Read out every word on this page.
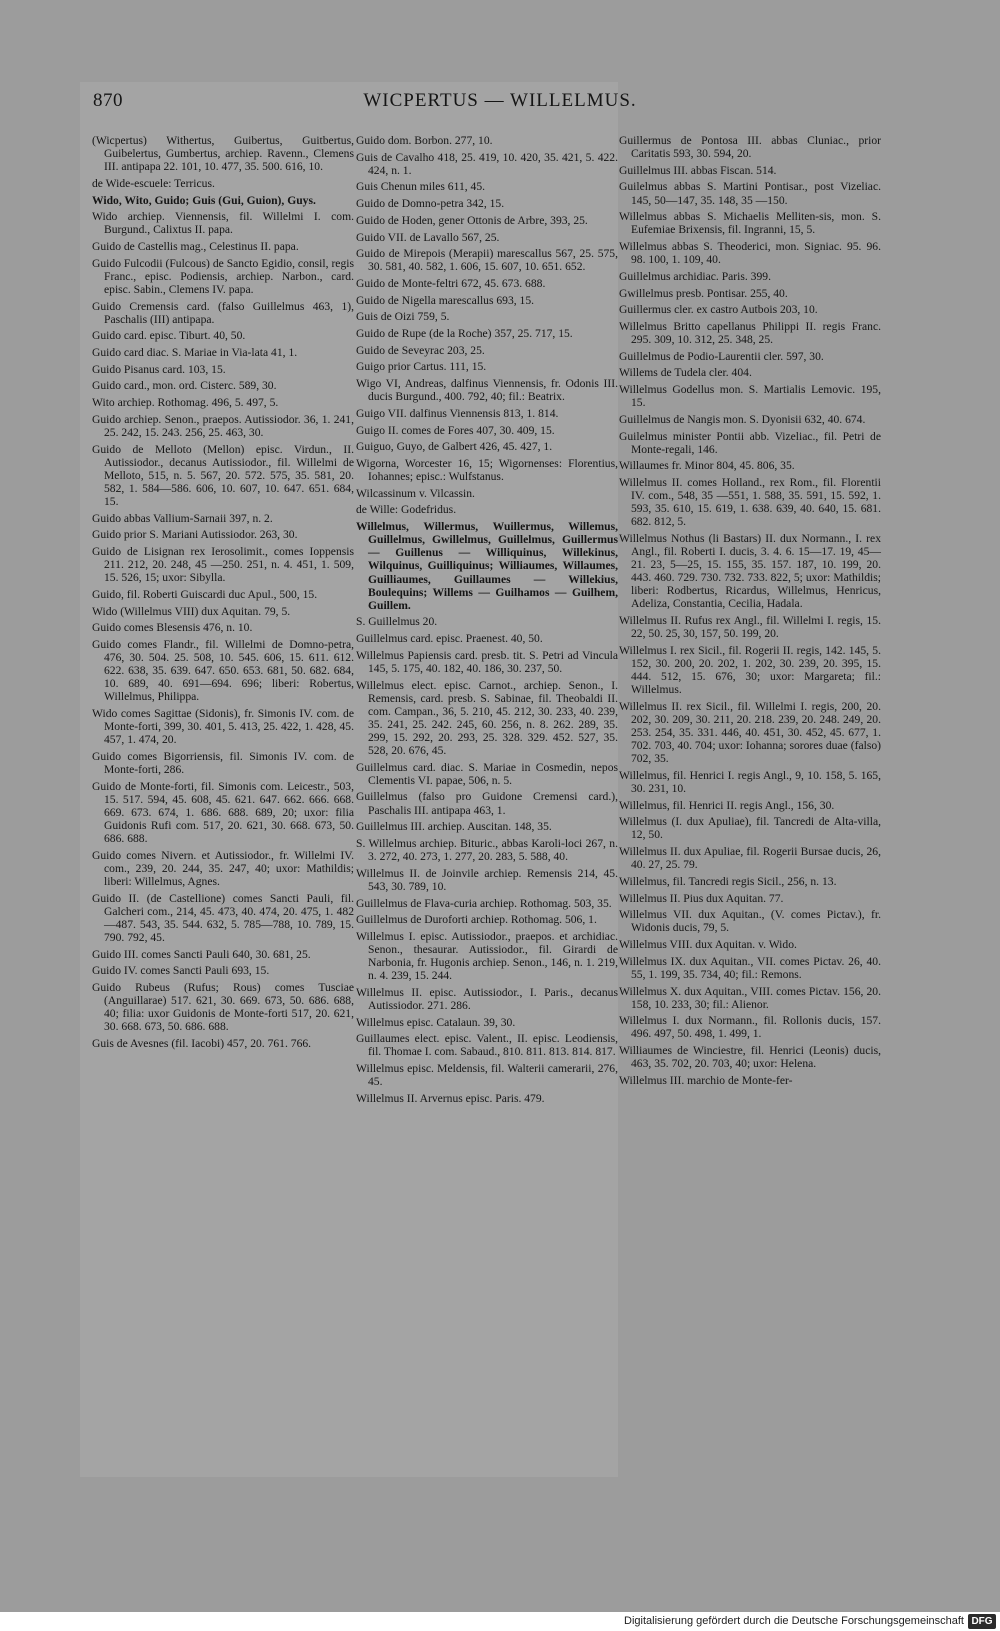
870	WICPERTUS — WILLELMUS.

(Wicpertus) Withertus, Guibertus, Guitbertus, Guibelertus, Gumbertus, archiep. Ravenn., Clemens III. antipapa 22. 101, 10. 477, 35. 500. 616, 10.

de Wide-escuele: Terricus.

Wido, Wito, Guido; Guis (Gui, Guion), Guys.

Wido archiep. Viennensis, fil. Willelmi I. com. Burgund., Calixtus II. papa.

Guido de Castellis mag., Celestinus II. papa.

Guido Fulcodii (Fulcous) de Sancto Egidio, consil, regis Franc., episc. Podiensis, archiep. Narbon., card. episc. Sabin., Clemens IV. papa.

Guido Cremensis card. (falso Guillelmus 463, 1), Paschalis (III) antipapa.

Guido card. episc. Tiburt. 40, 50.

Guido card diac. S. Mariae in Via-lata 41, 1.

Guido Pisanus card. 103, 15.

Guido card., mon. ord. Cisterc. 589, 30.

Wito archiep. Rothomag. 496, 5. 497, 5.

Guido archiep. Senon., praepos. Autissiodor. 36, 1. 241, 25. 242, 15. 243. 256, 25. 463, 30.

Guido de Melloto (Mellon) episc. Virdun., II. Autissiodor., decanus Autissiodor., fil. Willelmi de Melloto, 515, n. 5. 567, 20. 572. 575, 35. 581, 20. 582, 1. 584—586. 606, 10. 607, 10. 647. 651. 684, 15.

Guido abbas Vallium-Sarnaii 397, n. 2.

Guido prior S. Mariani Autissiodor. 263, 30.

Guido de Lisignan rex Ierosolimit., comes Ioppensis 211. 212, 20. 248, 45 —250. 251, n. 4. 451, 1. 509, 15. 526, 15; uxor: Sibylla.

Guido, fil. Roberti Guiscardi duc Apul., 500, 15.

Wido (Willelmus VIII) dux Aquitan. 79, 5.

Guido comes Blesensis 476, n. 10.

Guido comes Flandr., fil. Willelmi de Domno-petra, 476, 30. 504. 25. 508, 10. 545. 606, 15. 611. 612. 622. 638, 35. 639. 647. 650. 653. 681, 50. 682. 684, 10. 689, 40. 691—694. 696; liberi: Robertus, Willelmus, Philippa.

Wido comes Sagittae (Sidonis), fr. Simonis IV. com. de Monte-forti, 399, 30. 401, 5. 413, 25. 422, 1. 428, 45. 457, 1. 474, 20.

Guido comes Bigorriensis, fil. Simonis IV. com. de Monte-forti, 286.

Guido de Monte-forti, fil. Simonis com. Leicestr., 503, 15. 517. 594, 45. 608, 45. 621. 647. 662. 666. 668. 669. 673. 674, 1. 686. 688. 689, 20; uxor: filia Guidonis Rufi com. 517, 20. 621, 30. 668. 673, 50. 686. 688.

Guido comes Nivern. et Autissiodor., fr. Willelmi IV. com., 239, 20. 244, 35. 247, 40; uxor: Mathildis; liberi: Willelmus, Agnes.

Guido II. (de Castellione) comes Sancti Pauli, fil. Galcheri com., 214, 45. 473, 40. 474, 20. 475, 1. 482—487. 543, 35. 544. 632, 5. 785—788, 10. 789, 15. 790. 792, 45.

Guido III. comes Sancti Pauli 640, 30. 681, 25.

Guido IV. comes Sancti Pauli 693, 15.

Guido Rubeus (Rufus; Rous) comes Tusciae (Anguillarae) 517. 621, 30. 669. 673, 50. 686. 688, 40; filia: uxor Guidonis de Monte-forti 517, 20. 621, 30. 668. 673, 50. 686. 688.

Guis de Avesnes (fil. Iacobi) 457, 20. 761. 766.

Guido dom. Borbon. 277, 10.

Guis de Cavalho 418, 25. 419, 10. 420, 35. 421, 5. 422. 424, n. 1.

Guis Chenun miles 611, 45.

Guido de Domno-petra 342, 15.

Guido de Hoden, gener Ottonis de Arbre, 393, 25.

Guido VII. de Lavallo 567, 25.

Guido de Mirepois (Merapii) marescallus 567, 25. 575, 30. 581, 40. 582, 1. 606, 15. 607, 10. 651. 652.

Guido de Monte-feltri 672, 45. 673. 688.

Guido de Nigella marescallus 693, 15.

Guis de Oizi 759, 5.

Guido de Rupe (de la Roche) 357, 25. 717, 15.

Guido de Seveyrac 203, 25.

Guigo prior Cartus. 111, 15.

Wigo VI, Andreas, dalfinus Viennensis, fr. Odonis III. ducis Burgund., 400. 792, 40; fil.: Beatrix.

Guigo VII. dalfinus Viennensis 813, 1. 814.

Guigo II. comes de Fores 407, 30. 409, 15.

Guiguo, Guyo, de Galbert 426, 45. 427, 1.

Wigorna, Worcester 16, 15; Wigornenses: Florentius, Iohannes; episc.: Wulfstanus.

Wilcassinum v. Vilcassin.

de Wille: Godefridus.

Willelmus, Willermus, Wuillermus, Willemus, Guillelmus, Gwillelmus, Guillelmus, Guillermus — Guillenus — Williquinus, Willekinus, Wilquinus, Guilliquinus; Williaumes, Willaumes, Guilliaumes, Guillaumes — Willekius, Boulequins; Willems — Guilhamos — Guilhem, Guillem.

S. Guillelmus 20.

Guillelmus card. episc. Praenest. 40, 50.

Willelmus Papiensis card. presb. tit. S. Petri ad Vincula 145, 5. 175, 40. 182, 40. 186, 30. 237, 50.

Willelmus elect. episc. Carnot., archiep. Senon., I. Remensis, card. presb. S. Sabinae, fil. Theobaldi II. com. Campan., 36, 5. 210, 45. 212, 30. 233, 40. 239, 35. 241, 25. 242. 245, 60. 256, n. 8. 262. 289, 35. 299, 15. 292, 20. 293, 25. 328. 329. 452. 527, 35. 528, 20. 676, 45.

Guillelmus card. diac. S. Mariae in Cosmedin, nepos Clementis VI. papae, 506, n. 5.

Guillelmus (falso pro Guidone Cremensi card.), Paschalis III. antipapa 463, 1.

Guillelmus III. archiep. Auscitan. 148, 35.

S. Willelmus archiep. Bituric., abbas Karoli-loci 267, n. 3. 272, 40. 273, 1. 277, 20. 283, 5. 588, 40.

Willelmus II. de Joinvile archiep. Remensis 214, 45. 543, 30. 789, 10.

Guillelmus de Flava-curia archiep. Rothomag. 503, 35.

Guillelmus de Duroforti archiep. Rothomag. 506, 1.

Willelmus I. episc. Autissiodor., praepos. et archidiac. Senon., thesaurar. Autissiodor., fil. Girardi de Narbonia, fr. Hugonis archiep. Senon., 146, n. 1. 219, n. 4. 239, 15. 244.

Willelmus II. episc. Autissiodor., I. Paris., decanus Autissiodor. 271. 286.

Willelmus episc. Catalaun. 39, 30.

Guillaumes elect. episc. Valent., II. episc. Leodiensis, fil. Thomae I. com. Sabaud., 810. 811. 813. 814. 817.

Willelmus episc. Meldensis, fil. Walterii camerarii, 276, 45.

Willelmus II. Arvernus episc. Paris. 479.

Guillermus de Pontosa III. abbas Cluniac., prior Caritatis 593, 30. 594, 20.

Guillelmus III. abbas Fiscan. 514.

Guilelmus abbas S. Martini Pontisar., post Vizeliac. 145, 50—147, 35. 148, 35 —150.

Willelmus abbas S. Michaelis Melliten-sis, mon. S. Eufemiae Brixensis, fil. Ingranni, 15, 5.

Willelmus abbas S. Theoderici, mon. Signiac. 95. 96. 98. 100, 1. 109, 40.

Guillelmus archidiac. Paris. 399.

Gwillelmus presb. Pontisar. 255, 40.

Guillermus cler. ex castro Autbois 203, 10.

Willelmus Britto capellanus Philippi II. regis Franc. 295. 309, 10. 312, 25. 348, 25.

Guillelmus de Podio-Laurentii cler. 597, 30.

Willems de Tudela cler. 404.

Willelmus Godellus mon. S. Martialis Lemovic. 195, 15.

Guillelmus de Nangis mon. S. Dyonisii 632, 40. 674.

Guilelmus minister Pontii abb. Vizeliac., fil. Petri de Monte-regali, 146.

Willaumes fr. Minor 804, 45. 806, 35.

Willelmus II. comes Holland., rex Rom., fil. Florentii IV. com., 548, 35 —551, 1. 588, 35. 591, 15. 592, 1. 593, 35. 610, 15. 619, 1. 638. 639, 40. 640, 15. 681. 682. 812, 5.

Willelmus Nothus (li Bastars) II. dux Normann., I. rex Angl., fil. Roberti I. ducis, 3. 4. 6. 15—17. 19, 45—21. 23, 5—25, 15. 155, 35. 157. 187, 10. 199, 20. 443. 460. 729. 730. 732. 733. 822, 5; uxor: Mathildis; liberi: Rodbertus, Ricardus, Willelmus, Henricus, Adeliza, Constantia, Cecilia, Hadala.

Willelmus II. Rufus rex Angl., fil. Willelmi I. regis, 15. 22, 50. 25, 30, 157, 50. 199, 20.

Willelmus I. rex Sicil., fil. Rogerii II. regis, 142. 145, 5. 152, 30. 200, 20. 202, 1. 202, 30. 239, 20. 395, 15. 444. 512, 15. 676, 30; uxor: Margareta; fil.: Willelmus.

Willelmus II. rex Sicil., fil. Willelmi I. regis, 200, 20. 202, 30. 209, 30. 211, 20. 218. 239, 20. 248. 249, 20. 253. 254, 35. 331. 446, 40. 451, 30. 452, 45. 677, 1. 702. 703, 40. 704; uxor: Iohanna; sorores duae (falso) 702, 35.

Willelmus, fil. Henrici I. regis Angl., 9, 10. 158, 5. 165, 30. 231, 10.

Willelmus, fil. Henrici II. regis Angl., 156, 30.

Willelmus (I. dux Apuliae), fil. Tancredi de Alta-villa, 12, 50.

Willelmus II. dux Apuliae, fil. Rogerii Bursae ducis, 26, 40. 27, 25. 79.

Willelmus, fil. Tancredi regis Sicil., 256, n. 13.

Willelmus II. Pius dux Aquitan. 77.

Willelmus VII. dux Aquitan., (V. comes Pictav.), fr. Widonis ducis, 79, 5.

Willelmus VIII. dux Aquitan. v. Wido.

Willelmus IX. dux Aquitan., VII. comes Pictav. 26, 40. 55, 1. 199, 35. 734, 40; fil.: Remons.

Willelmus X. dux Aquitan., VIII. comes Pictav. 156, 20. 158, 10. 233, 30; fil.: Alienor.

Willelmus I. dux Normann., fil. Rollonis ducis, 157. 496. 497, 50. 498, 1. 499, 1.

Williaumes de Winciestre, fil. Henrici (Leonis) ducis, 463, 35. 702, 20. 703, 40; uxor: Helena.

Willelmus III. marchio de Monte-fer-

Digitalisierung gefördert durch die Deutsche Forschungsgemeinschaft DFG
